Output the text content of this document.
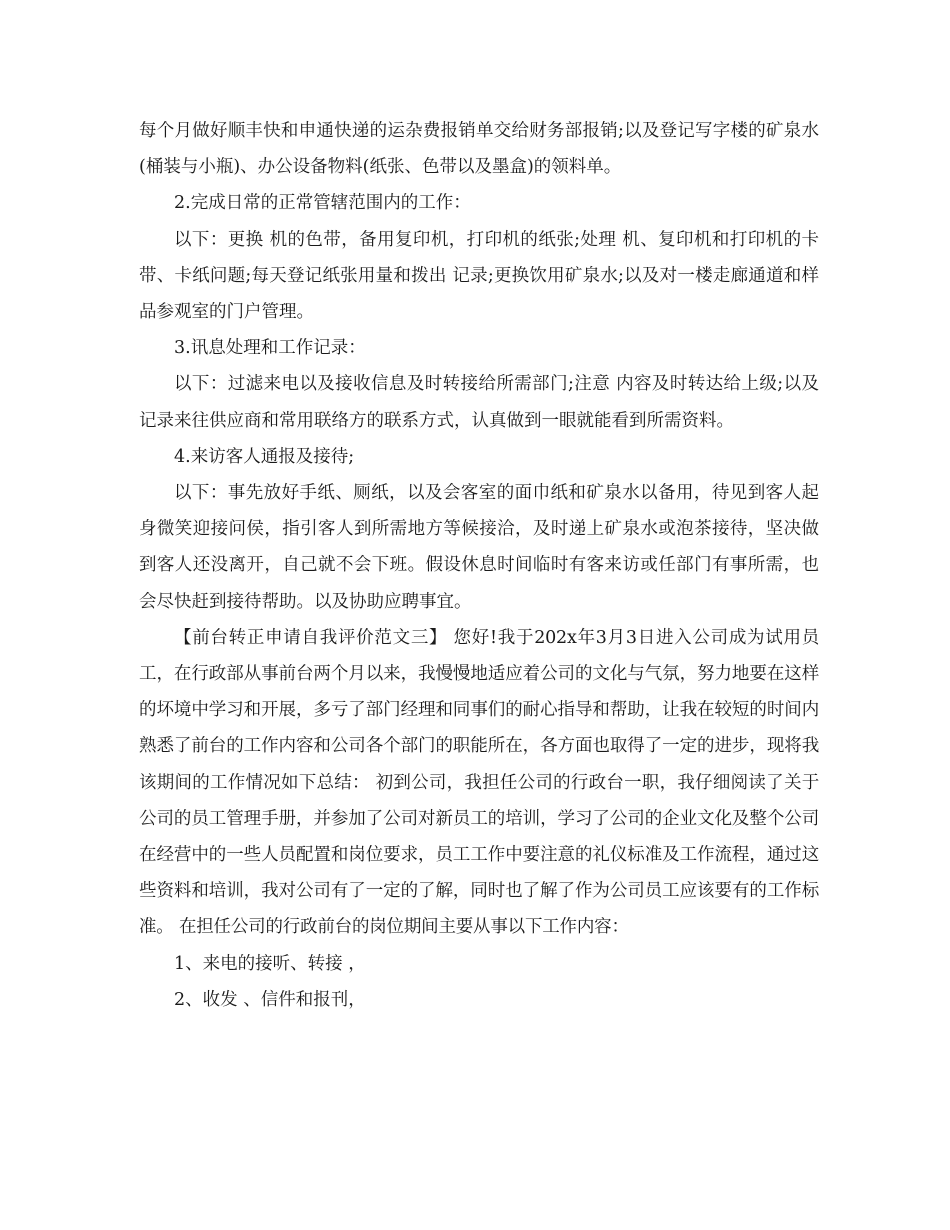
每个月做好顺丰快和申通快递的运杂费报销单交给财务部报销;以及登记写字楼的矿泉水(桶装与小瓶)、办公设备物料(纸张、色带以及墨盒)的领料单。

2.完成日常的正常管辖范围内的工作：

以下：更换 机的色带，备用复印机，打印机的纸张;处理 机、复印机和打印机的卡带、卡纸问题;每天登记纸张用量和拨出 记录;更换饮用矿泉水;以及对一楼走廊通道和样品参观室的门户管理。

3.讯息处理和工作记录：

以下：过滤来电以及接收信息及时转接给所需部门;注意 内容及时转达给上级;以及记录来往供应商和常用联络方的联系方式，认真做到一眼就能看到所需资料。

4.来访客人通报及接待;

以下：事先放好手纸、厕纸，以及会客室的面巾纸和矿泉水以备用，待见到客人起身微笑迎接问侯，指引客人到所需地方等候接洽，及时递上矿泉水或泡茶接待，坚决做到客人还没离开，自己就不会下班。假设休息时间临时有客来访或任部门有事所需，也会尽快赶到接待帮助。以及协助应聘事宜。

【前台转正申请自我评价范文三】 您好!我于202x年3月3日进入公司成为试用员工，在行政部从事前台两个月以来，我慢慢地适应着公司的文化与气氛，努力地要在这样的坏境中学习和开展，多亏了部门经理和同事们的耐心指导和帮助，让我在较短的时间内熟悉了前台的工作内容和公司各个部门的职能所在，各方面也取得了一定的进步，现将我该期间的工作情况如下总结： 初到公司，我担任公司的行政台一职，我仔细阅读了关于公司的员工管理手册，并参加了公司对新员工的培训，学习了公司的企业文化及整个公司在经营中的一些人员配置和岗位要求，员工工作中要注意的礼仪标准及工作流程，通过这些资料和培训，我对公司有了一定的了解，同时也了解了作为公司员工应该要有的工作标准。 在担任公司的行政前台的岗位期间主要从事以下工作内容：

1、来电的接听、转接 ，

2、收发 、信件和报刊，
